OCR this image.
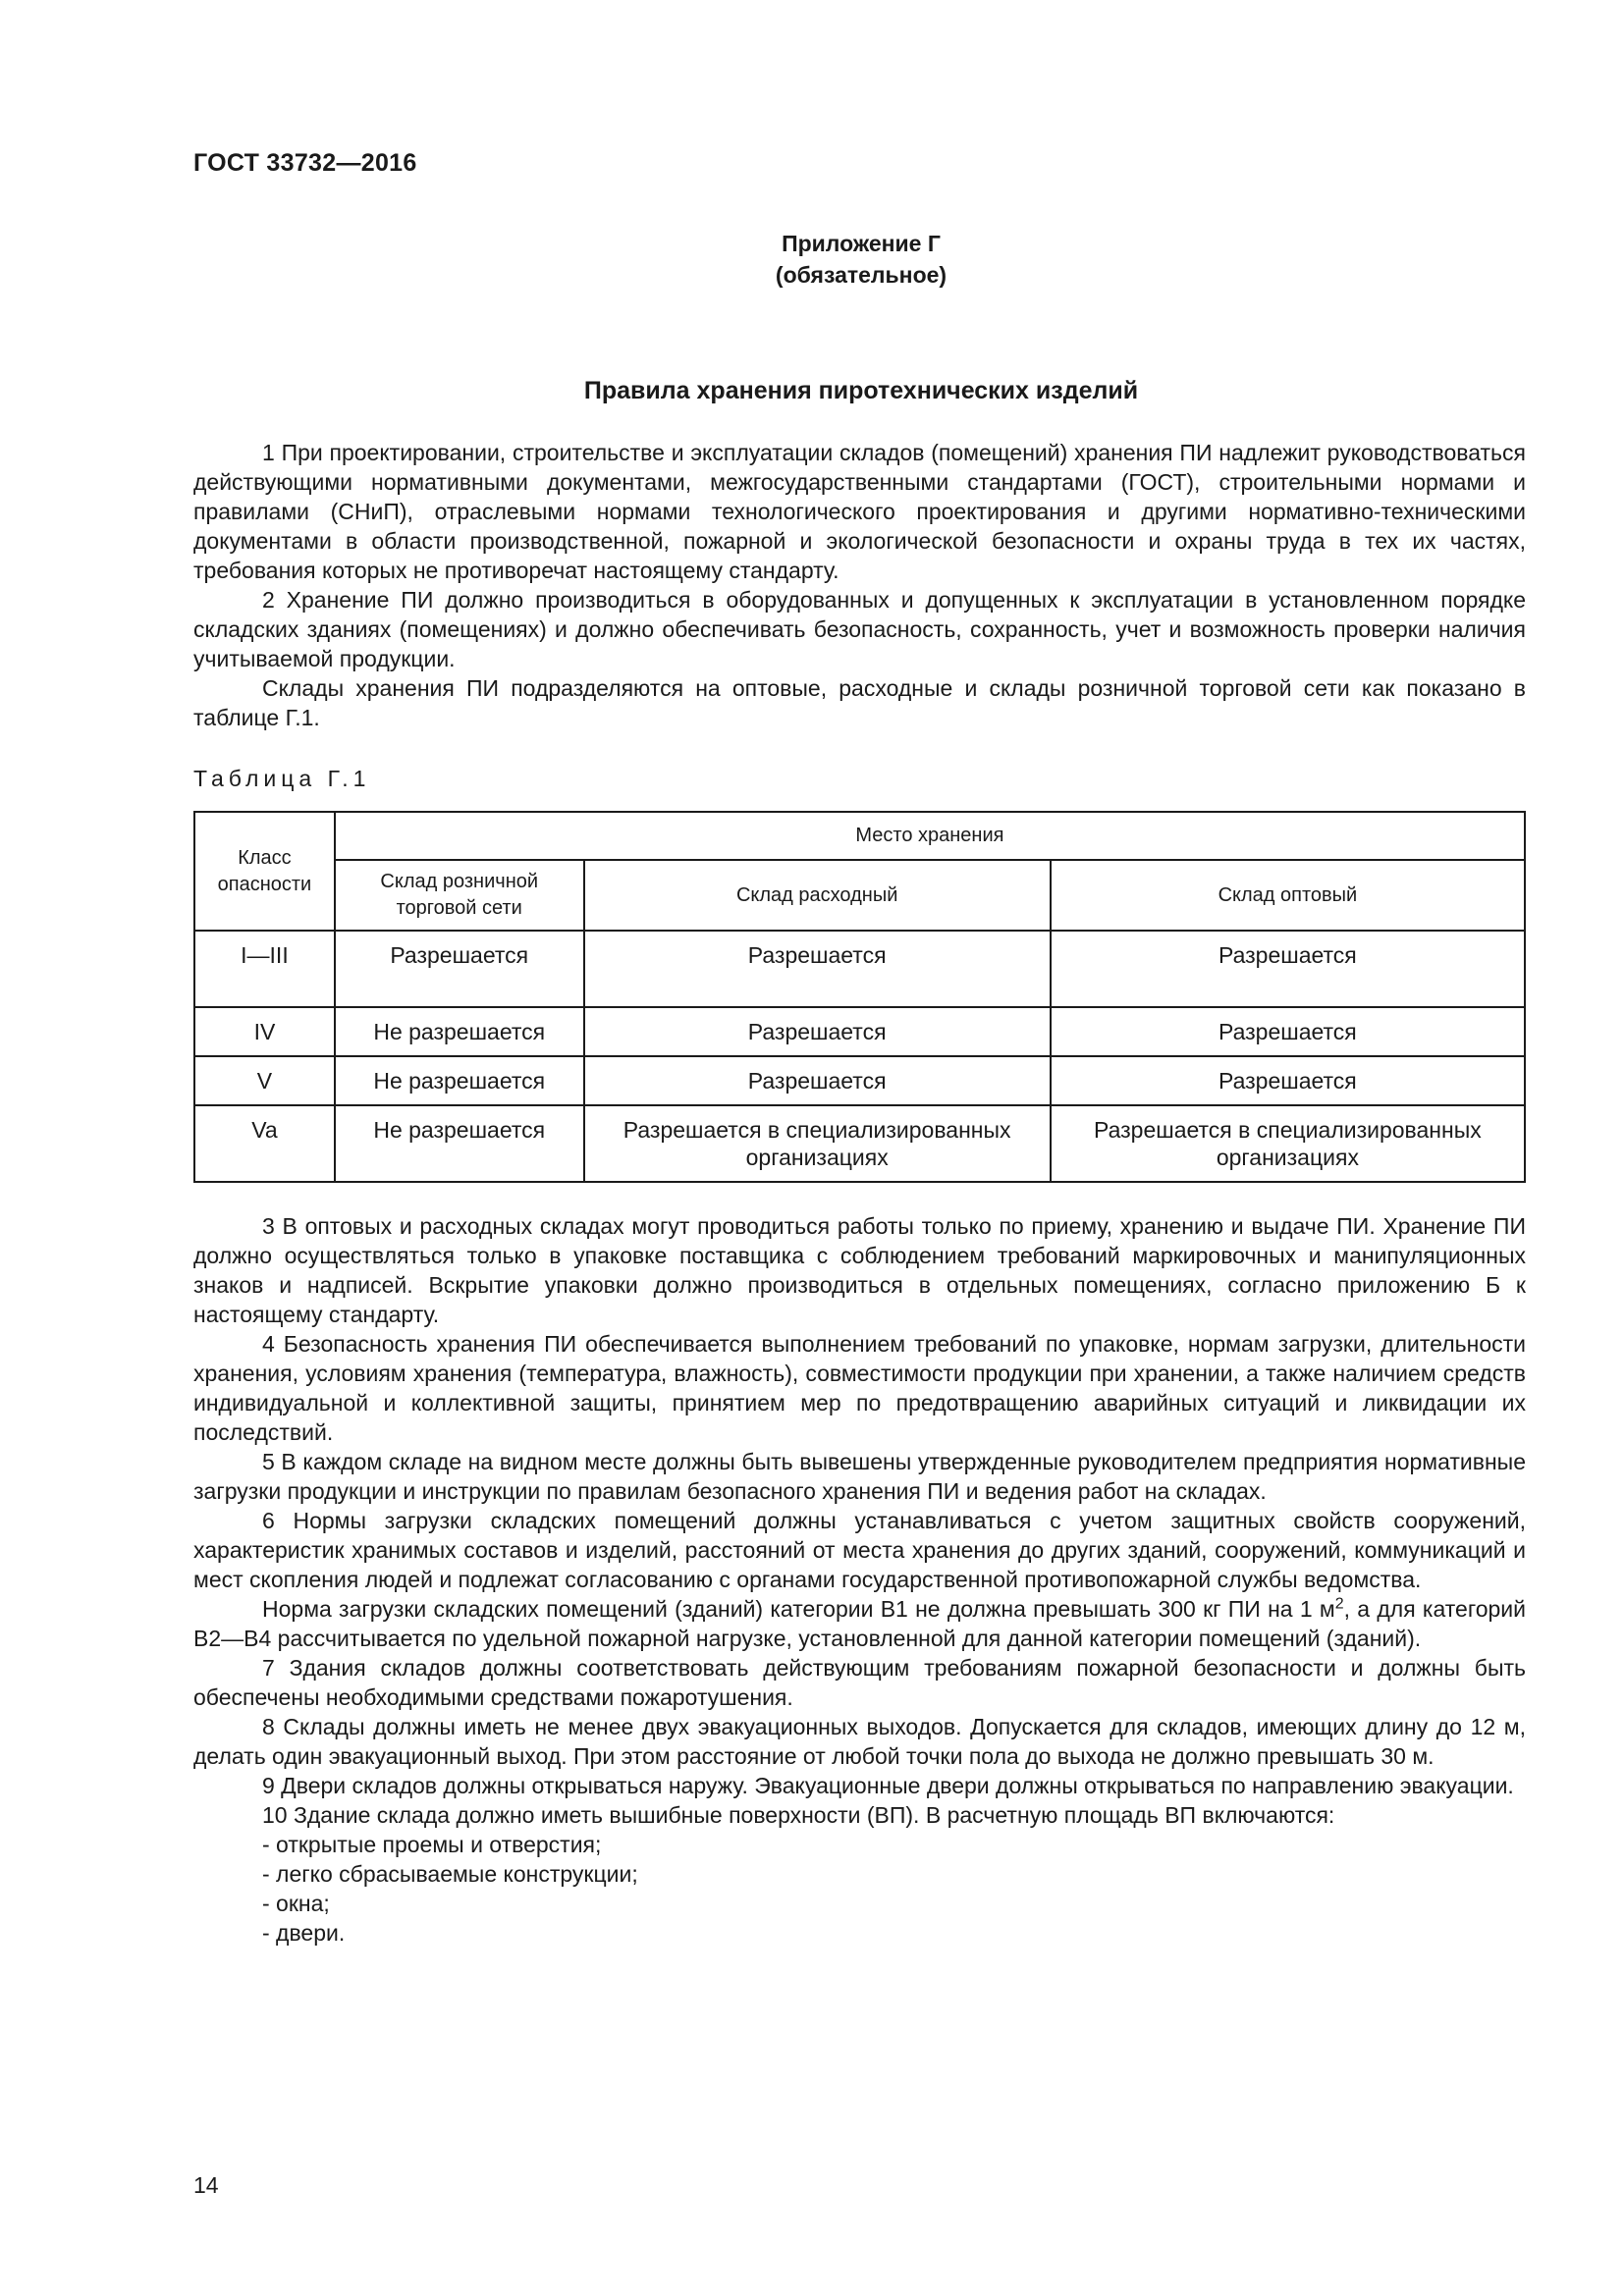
ГОСТ 33732—2016
Приложение Г
(обязательное)
Правила хранения пиротехнических изделий

1 При проектировании, строительстве и эксплуатации складов (помещений) хранения ПИ надлежит руководствоваться действующими нормативными документами, межгосударственными стандартами (ГОСТ), строительными нормами и правилами (СНиП), отраслевыми нормами технологического проектирования и другими нормативно-техническими документами в области производственной, пожарной и экологической безопасности и охраны труда в тех их частях, требования которых не противоречат настоящему стандарту.

2 Хранение ПИ должно производиться в оборудованных и допущенных к эксплуатации в установленном порядке складских зданиях (помещениях) и должно обеспечивать безопасность, сохранность, учет и возможность проверки наличия учитываемой продукции.

Склады хранения ПИ подразделяются на оптовые, расходные и склады розничной торговой сети как показано в таблице Г.1.

Таблица Г.1
Класс опасности	Место хранения		
	Склад розничной торговой сети	Склад расходный	Склад оптовый
I—III	Разрешается	Разрешается	Разрешается
IV	Не разрешается	Разрешается	Разрешается
V	Не разрешается	Разрешается	Разрешается
Va	Не разрешается	Разрешается в специализированных организациях	Разрешается в специализированных организациях

3 В оптовых и расходных складах могут проводиться работы только по приему, хранению и выдаче ПИ. Хранение ПИ должно осуществляться только в упаковке поставщика с соблюдением требований маркировочных и манипуляционных знаков и надписей. Вскрытие упаковки должно производиться в отдельных помещениях, согласно приложению Б к настоящему стандарту.

4 Безопасность хранения ПИ обеспечивается выполнением требований по упаковке, нормам загрузки, длительности хранения, условиям хранения (температура, влажность), совместимости продукции при хранении, а также наличием средств индивидуальной и коллективной защиты, принятием мер по предотвращению аварийных ситуаций и ликвидации их последствий.

5 В каждом складе на видном месте должны быть вывешены утвержденные руководителем предприятия нормативные загрузки продукции и инструкции по правилам безопасного хранения ПИ и ведения работ на складах.

6 Нормы загрузки складских помещений должны устанавливаться с учетом защитных свойств сооружений, характеристик хранимых составов и изделий, расстояний от места хранения до других зданий, сооружений, коммуникаций и мест скопления людей и подлежат согласованию с органами государственной противопожарной службы ведомства.

Норма загрузки складских помещений (зданий) категории В1 не должна превышать 300 кг ПИ на 1 $м^2$, а для категорий В2—В4 рассчитывается по удельной пожарной нагрузке, установленной для данной категории помещений (зданий).

7 Здания складов должны соответствовать действующим требованиям пожарной безопасности и должны быть обеспечены необходимыми средствами пожаротушения.

8 Склады должны иметь не менее двух эвакуационных выходов. Допускается для складов, имеющих длину до 12 м, делать один эвакуационный выход. При этом расстояние от любой точки пола до выхода не должно превышать 30 м.

9 Двери складов должны открываться наружу. Эвакуационные двери должны открываться по направлению эвакуации.

10 Здание склада должно иметь вышибные поверхности (ВП). В расчетную площадь ВП включаются:

- открытые проемы и отверстия;

- легко сбрасываемые конструкции;

- окна;

- двери.

14
